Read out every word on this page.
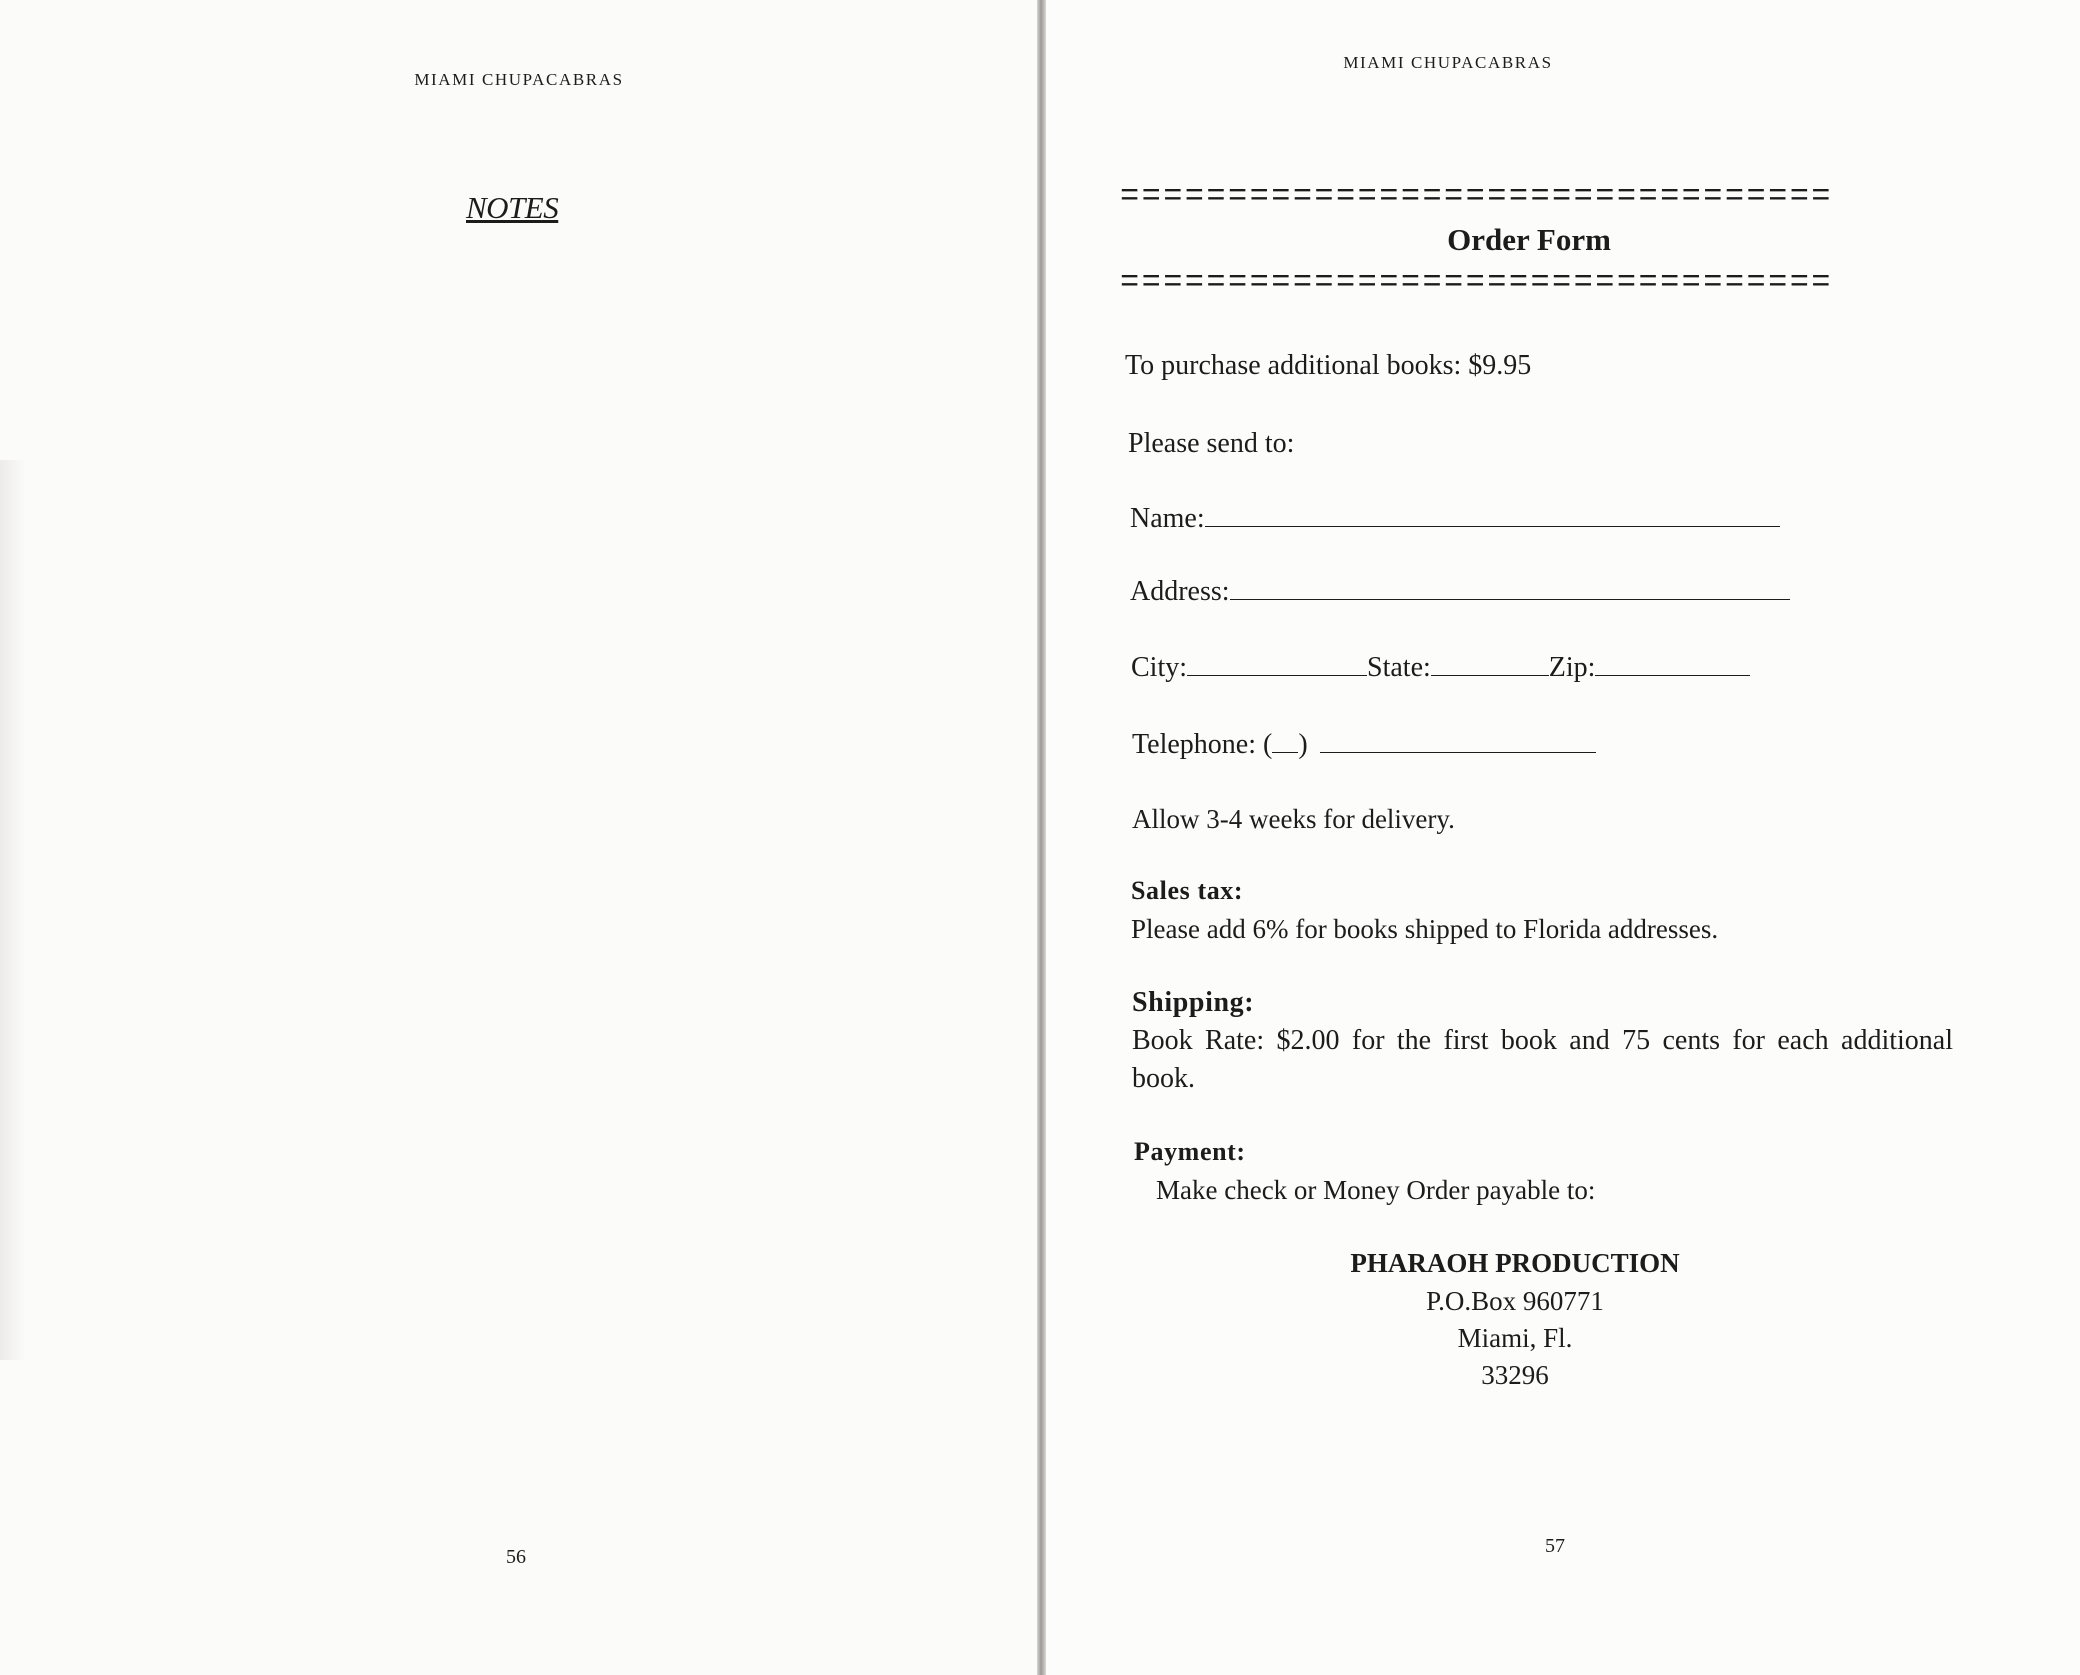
MIAMI CHUPACABRAS
NOTES
56
MIAMI CHUPACABRAS
=================================
Order Form
=================================
To purchase additional books: $9.95
Please send to:
Name:
Address:
City:	State:	Zip:
Telephone: ( )
Allow 3-4 weeks for delivery.
Sales tax:
Please add 6% for books shipped to Florida addresses.
Shipping:
Book Rate: $2.00 for the first book and 75 cents for each additional book.
Payment:
Make check or Money Order payable to:
PHARAOH PRODUCTION
P.O.Box 960771
Miami, Fl.
33296
57
